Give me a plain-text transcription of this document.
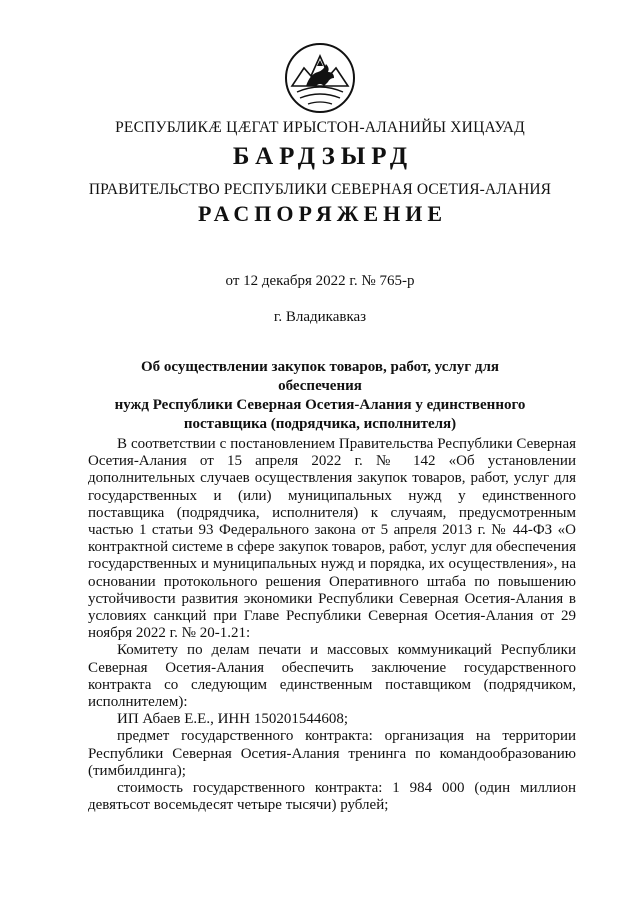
РЕСПУБЛИКӔ ЦӔГАТ ИРЫСТОН-АЛАНИЙЫ ХИЦАУАД
БАРДЗЫРД
ПРАВИТЕЛЬСТВО РЕСПУБЛИКИ СЕВЕРНАЯ ОСЕТИЯ-АЛАНИЯ
РАСПОРЯЖЕНИЕ
от 12 декабря 2022 г. № 765-р
г. Владикавказ
Об осуществлении закупок товаров, работ, услуг для обеспечения
нужд Республики Северная Осетия-Алания у единственного
поставщика (подрядчика, исполнителя)

В соответствии с постановлением Правительства Республики Северная Осетия-Алания от 15 апреля 2022 г. № 142 «Об установлении дополнительных случаев осуществления закупок товаров, работ, услуг для государственных и (или) муниципальных нужд у единственного поставщика (подрядчика, исполнителя) к случаям, предусмотренным частью 1 статьи 93 Федерального закона от 5 апреля 2013 г. № 44-ФЗ «О контрактной системе в сфере закупок товаров, работ, услуг для обеспечения государственных и муниципальных нужд и порядка, их осуществления», на основании протокольного решения Оперативного штаба по повышению устойчивости развития экономики Республики Северная Осетия-Алания в условиях санкций при Главе Республики Северная Осетия-Алания от 29 ноября 2022 г. № 20-1.21:

Комитету по делам печати и массовых коммуникаций Республики Северная Осетия-Алания обеспечить заключение государственного контракта со следующим единственным поставщиком (подрядчиком, исполнителем):

ИП Абаев Е.Е., ИНН 150201544608;

предмет государственного контракта: организация на территории Республики Северная Осетия-Алания тренинга по командообразованию (тимбилдинга);

стоимость государственного контракта: 1 984 000 (один миллион девятьсот восемьдесят четыре тысячи) рублей;
